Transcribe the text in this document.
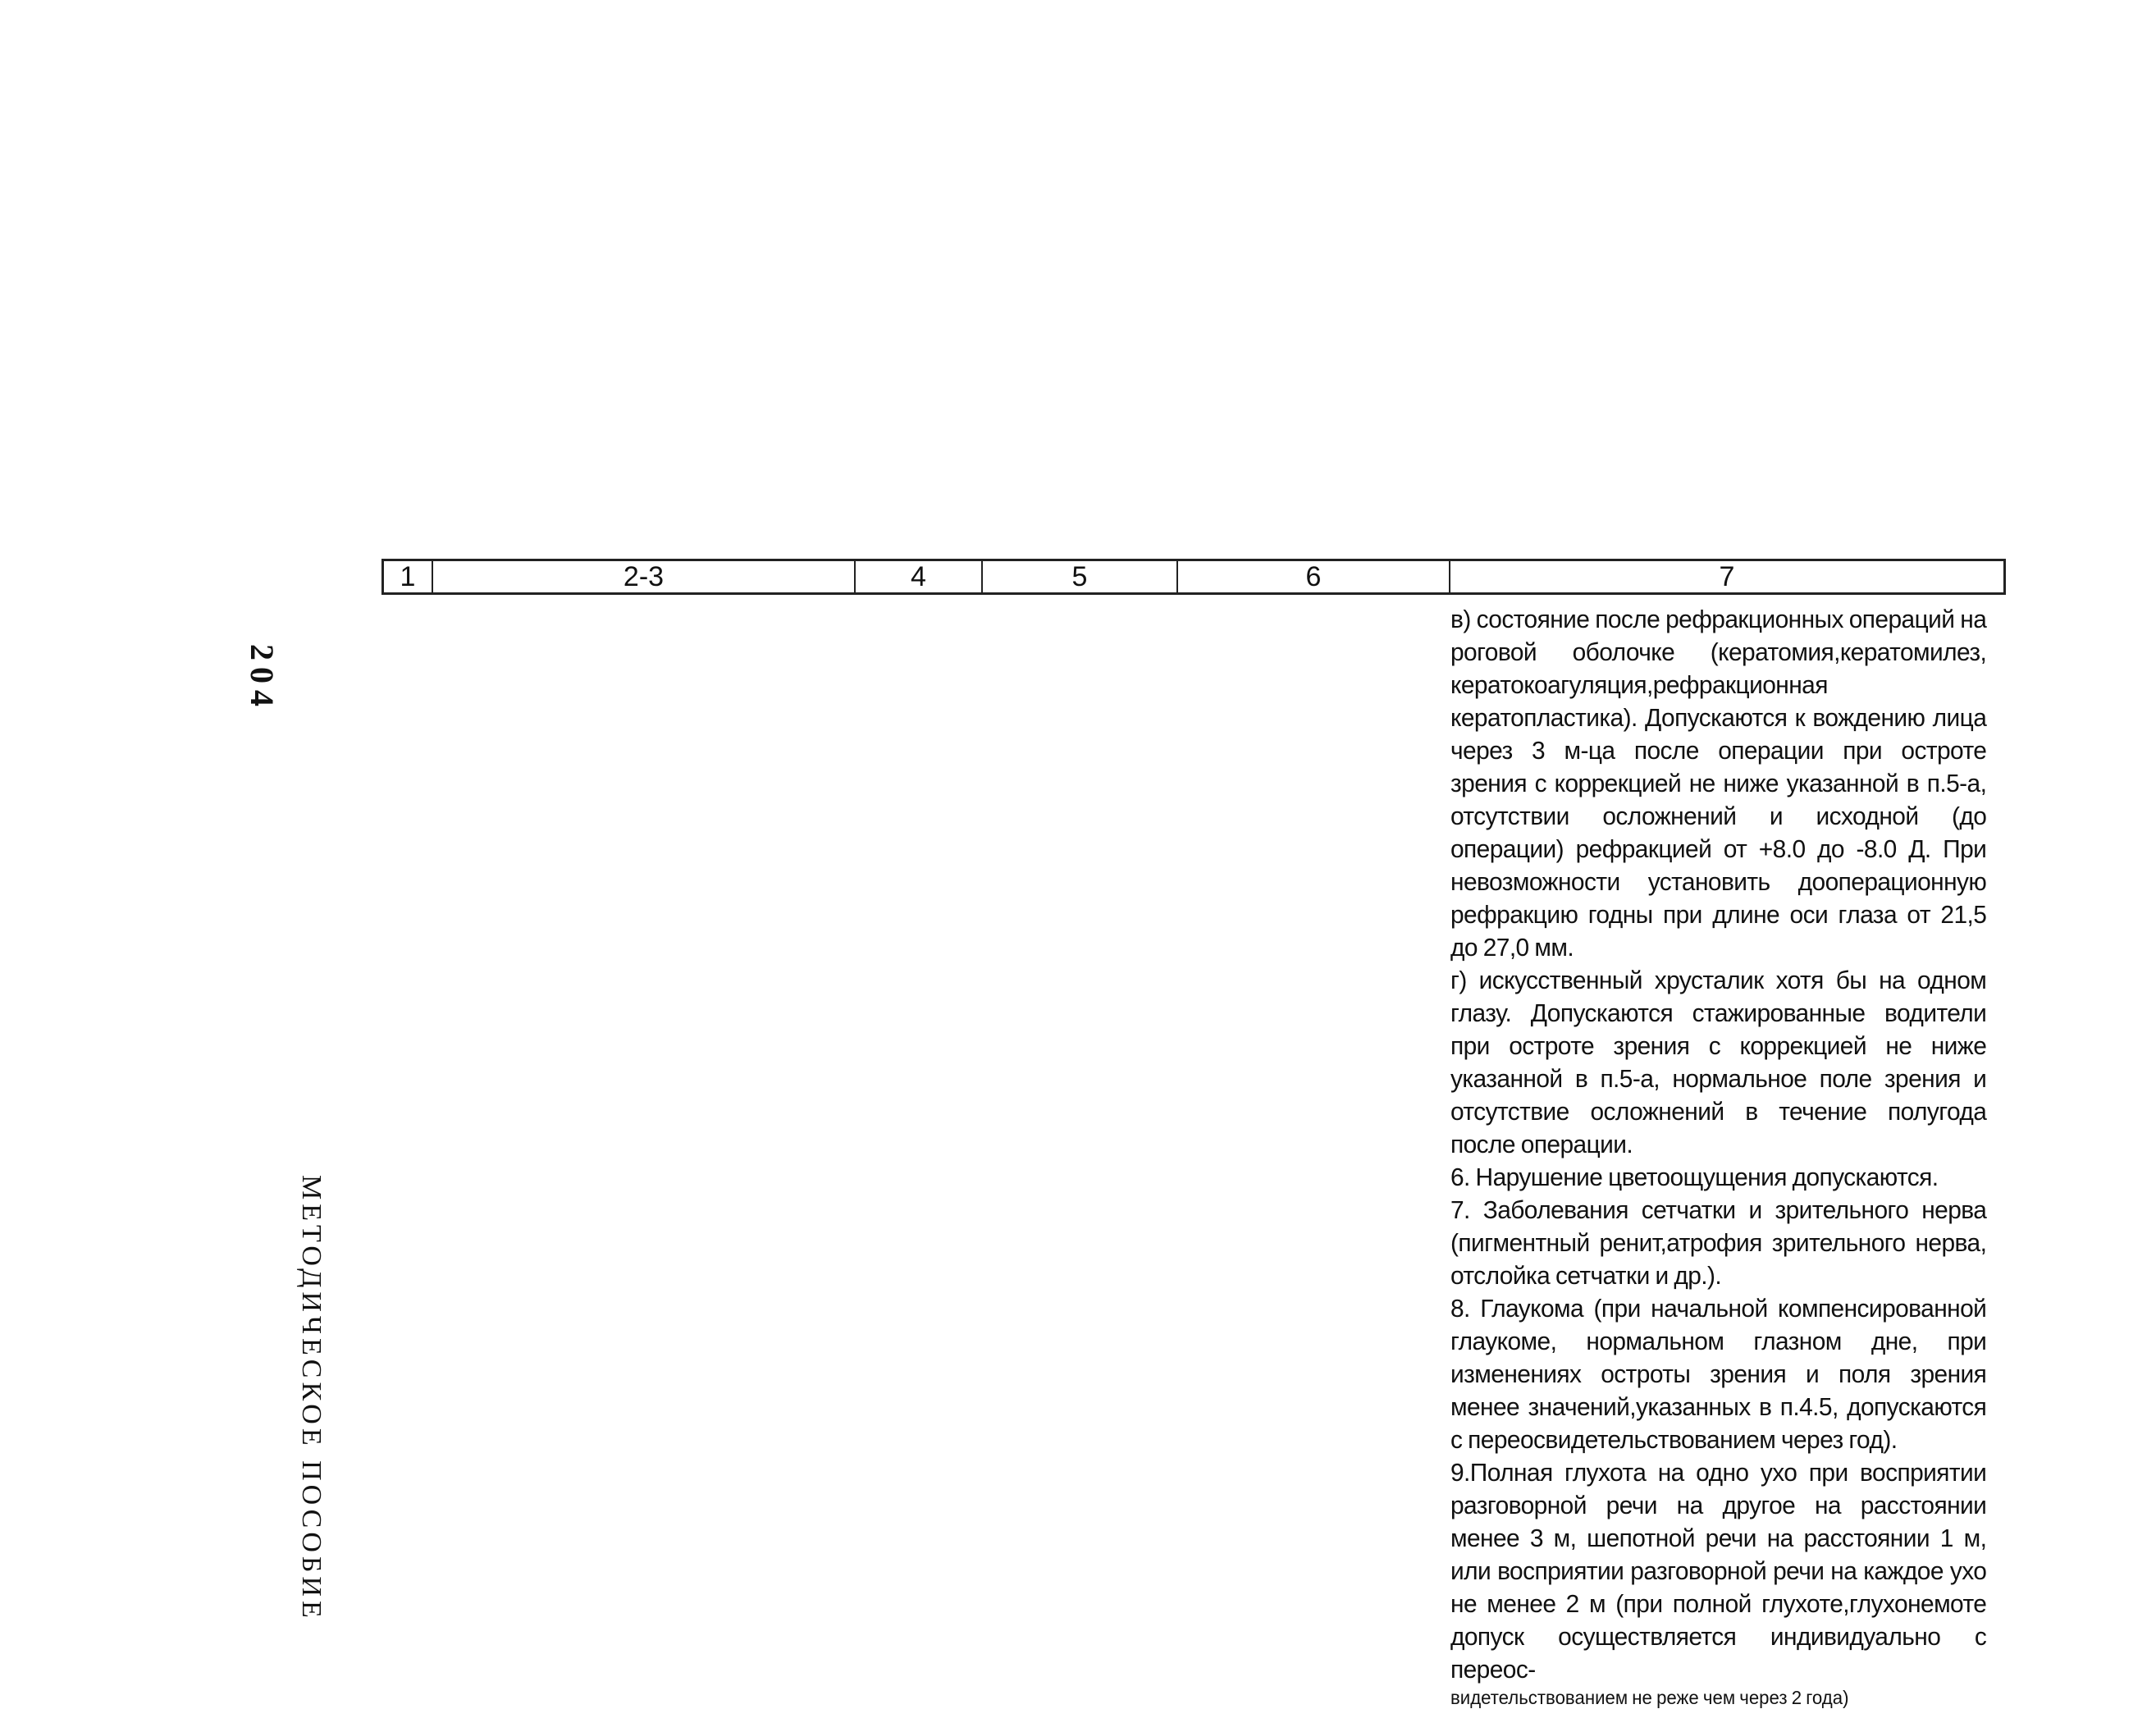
204
МЕТОДИЧЕСКОЕ ПОСОБИЕ
1	2-3	4	5	6	7

в) состояние после рефракционных операций на роговой оболочке (кератомия,кератомилез, кератокоагуляция,рефракционная кератопластика). Допускаются к вождению лица через 3 м-ца после операции при остроте зрения с коррекцией не ниже указанной в п.5-а, отсутствии осложнений и исходной (до операции) рефракцией от +8.0 до -8.0 Д. При невозможности установить дооперационную рефракцию годны при длине оси глаза от 21,5 до 27,0 мм.

г) искусственный хрусталик хотя бы на одном глазу. Допускаются стажированные водители при остроте зрения с коррекцией не ниже указанной в п.5-а, нормальное поле зрения и отсутствие осложнений в течение полугода после операции.

6. Нарушение цветоощущения допускаются.

7. Заболевания сетчатки и зрительного нерва (пигментный ренит,атрофия зрительного нерва, отслойка сетчатки и др.).

8. Глаукома (при начальной компенсированной глаукоме, нормальном глазном дне, при изменениях остроты зрения и поля зрения менее значений,указанных в п.4.5, допускаются с переосвидетельствованием через год).

9.Полная глухота на одно ухо при восприятии разговорной речи на другое на расстоянии менее 3 м, шепотной речи на расстоянии 1 м, или восприятии разговорной речи на каждое ухо не менее 2 м (при полной глухоте,глухонемоте допуск осуществляется индивидуально с переос-

видетельствованием не реже чем через 2 года)
